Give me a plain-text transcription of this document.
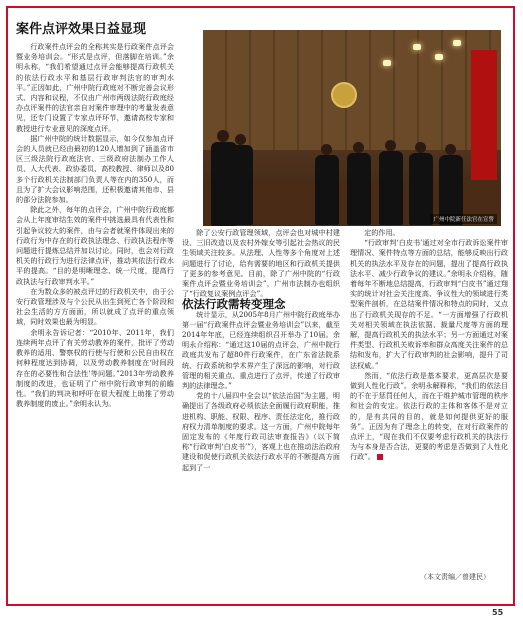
案件点评效果日益显现

行政案件点评会的全称其实是行政案件点评会暨业务培训会。“形式是点评，但落脚在培训。”余明永称，“我们希望通过点评会能够提高行政机关的依法行政水平和基层行政审判法官的审判水平。”正因如此，广州中院行政庭对不断完善会议形式、内容和议程，不仅由广州市两级法院行政庭经办点评案件的法官亲自对案件审理中的考量发表意见，还专门设置了专家点评环节，邀请高校专家和教授进行专业意见的深度点评。

据广州中院的统计数据显示，如今仅参加点评会的人员就已经由最初的120人增加到了涵盖省市区三级法院行政庭法官、三级政府法制办工作人员、人大代表、政协委员、高校教授、律师以及80多个行政机关法制部门负责人等在内的350人，而且为了扩大会议影响范围，还积极邀请其他市、县的部分法院参加。

除此之外，每年的点评会，广州中院行政庭都会从上年度审结生效的案件中挑选最具有代表性和引起争议较大的案件，由与会者就案件体现出来的行政行为中存在的行政执法理念、行政执法程序等问题进行提炼总结并加以讨论。同时，也会对行政机关的行政行为进行法律点评，推动其依法行政水平的提高。“目的是明晰理念、统一尺度，提高行政执法与行政审判水平。”

在为数众多的被点评过的行政机关中，由于公安行政管理涉及与个公民从出生到死亡各个阶段和社会生活的方方面面，所以就成了点评的重点领域，同时效果也最为明显。

余明永告诉记者：“2010年、2011年，我们连续两年点评了有关劳动教养的案件，批评了劳动教养的适用、警察权的行使与行使和公民自由权在何种程度达到协调，以及劳动教养制度在‘时间段存在的必要性和合法性’等问题。”2013年劳动教养制度的改进，也证明了广州中院行政审判的前瞻性。“我们的判决和呼吁在很大程度上助推了劳动教养制度的废止。”余明永认为。

广州中院新任法官在宣誓

除了公安行政管理领域，点评会也对城中村建设、三旧改造以及农村外嫁女等引起社会热议的民生领域关注较多。从法理、人性等多个角度对上述问题进行了讨论，给有需要的地区和行政机关提供了更多的参考意见。目前，除了广州中院的“行政案件点评会暨业务培训会”，广州市法制办也组织了“行政复议案例点评会”。

依法行政需转变理念

统计显示，从2005年8月广州中院行政庭举办第一届“行政案件点评会暨业务培训会”以来，截至2014年年底，已经连续组织召开举办了10届。余明永介绍称：“通过这10届的点评会，广州中院行政庭共发布了超80件行政案件，在广东省法院系统、行政系统和学术界产生了深远的影响，对行政管理的相关重点、重点进行了点评，传递了行政审判的法律理念。”

党的十八届四中全会以“依法治国”为主题，明确提出了各级政府必须依法全面履行政府职能，推进机构、职能、权限、程序、责任法定化，推行政府权力清单制度的要求。这一方面，广州中院每年固定发布的《年度行政司法审查报告》（以下简称“行政审判‘白皮书’”），客观上也在推动法治政府建设和促使行政机关依法行政水平的不断提高方面起到了一

定的作用。

“行政审判‘白皮书’通过对全市行政诉讼案件审理情况、案件特点等方面的总结，能够反映出行政机关的执法水平及存在的问题，提出了提高行政执法水平、减少行政争议的建议。”余明永介绍称，随着每年不断地总结提高，行政审判“白皮书”通过翔实的统计对社会关注度高、争议性大的领域进行类型案件剖析，在总结案件情况和特点的同时，又点出了行政机关现存的不足。“一方面增强了行政机关对相关领域在执法依据、裁量尺度等方面的理解，提高行政机关的执法水平；另一方面通过对案件类型、行政机关败诉率和群众高度关注案件的总结和发布，扩大了行政审判的社会影响，提升了司法权威。”

然而，“依法行政是基本要求，更高层次是要做到人性化行政”。余明永解释称，“我们的依法目的不在于惩罚任何人，而在于维护城市管理的秩序和社会的安定。依法行政的主体和客体不是对立的，是有共同的目的，就是如何提供更好的服务”。正因为有了理念上的转变，在对行政案件的点评上，“现在我们不仅要考虑行政机关的执法行为与本身是否合法，更要的考虑是否做到了人性化行政”。

（本文责编／曾建民）
55
